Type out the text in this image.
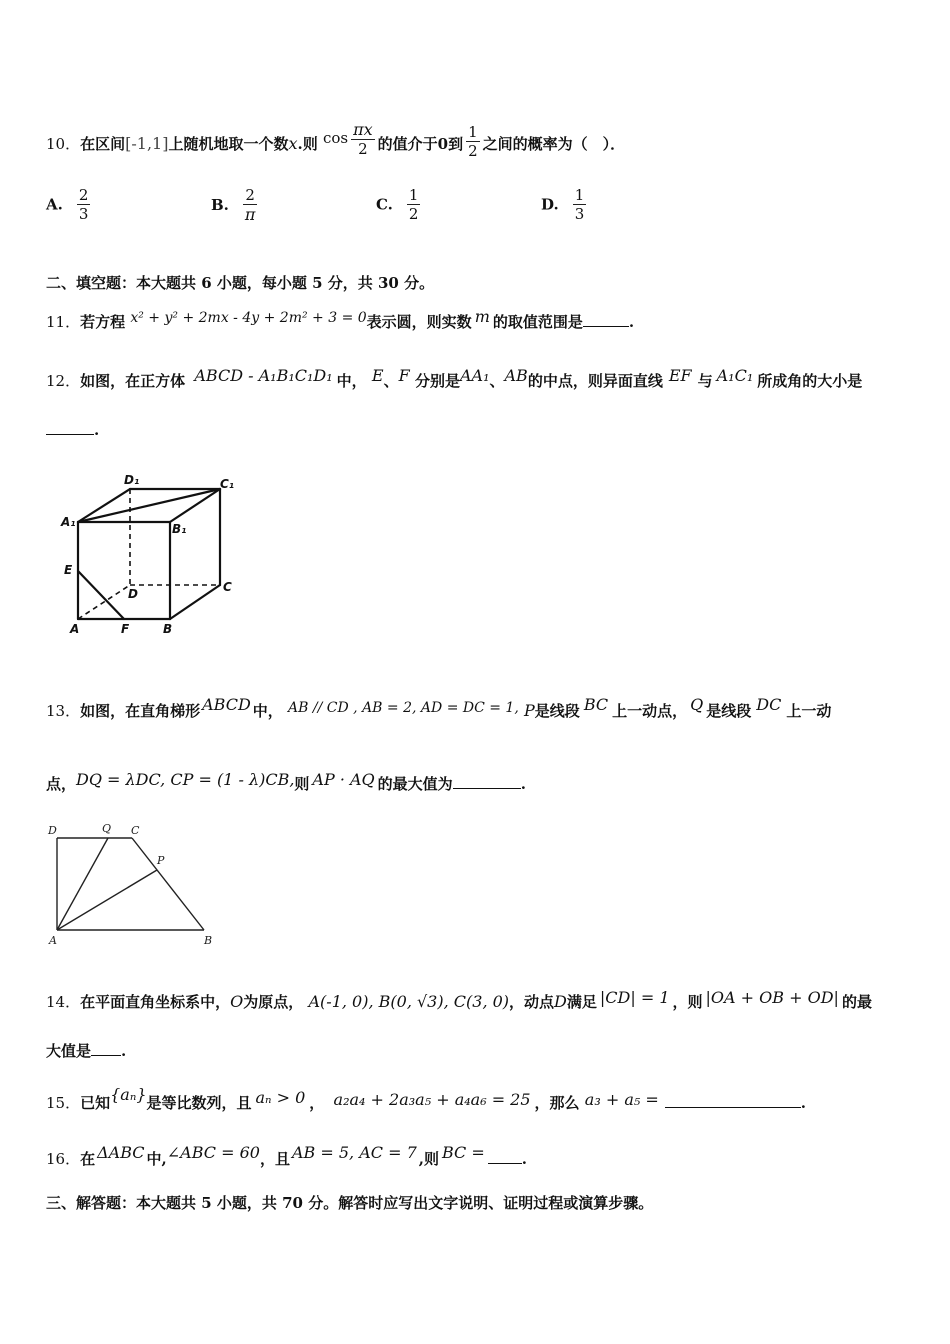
10．在区间[-1,1]上随机地取一个数x.则 $\cos \frac{\pi x}{2}$ 的值介于0到 $\frac{1}{2}$ 之间的概率为（　）．
A. $\frac{2}{3}$	B. $\frac{2}{\pi}$	C. $\frac{1}{2}$	D. $\frac{1}{3}$
二、填空题：本大题共 6 小题，每小题 5 分，共 30 分。
11．若方程 x² + y² + 2mx - 4y + 2m² + 3 = 0表示圆，则实数 m 的取值范围是	.
12．如图，在正方体 ABCD - A₁B₁C₁D₁ 中， E、F 分别是AA₁、AB的中点，则异面直线 EF 与 A₁C₁ 所成角的大小是
.
D₁	C₁
A₁	B₁
E
D	C
A	F	B
13．如图，在直角梯形 ABCD 中， AB // CD , AB = 2, AD = DC = 1, P是线段 BC 上一动点， Q 是线段 DC 上一动
点，DQ = λDC, CP = (1 - λ)CB,则 AP · AQ 的最大值为	.
D	Q C
P
A	B
14．在平面直角坐标系中，O为原点， A(-1, 0), B(0, √3), C(3, 0)，动点D满足 |CD| = 1 ，则 |OA + OB + OD| 的最
大值是 .
15．已知{aₙ}是等比数列，且 aₙ > 0 ， a₂a₄ + 2a₃a₅ + a₄a₆ = 25 ，那么 a₃ + a₅ =	.
16．在 ΔABC 中,∠ABC = 60，且 AB = 5, AC = 7 ,则 BC = .
三、解答题：本大题共 5 小题，共 70 分。解答时应写出文字说明、证明过程或演算步骤。
